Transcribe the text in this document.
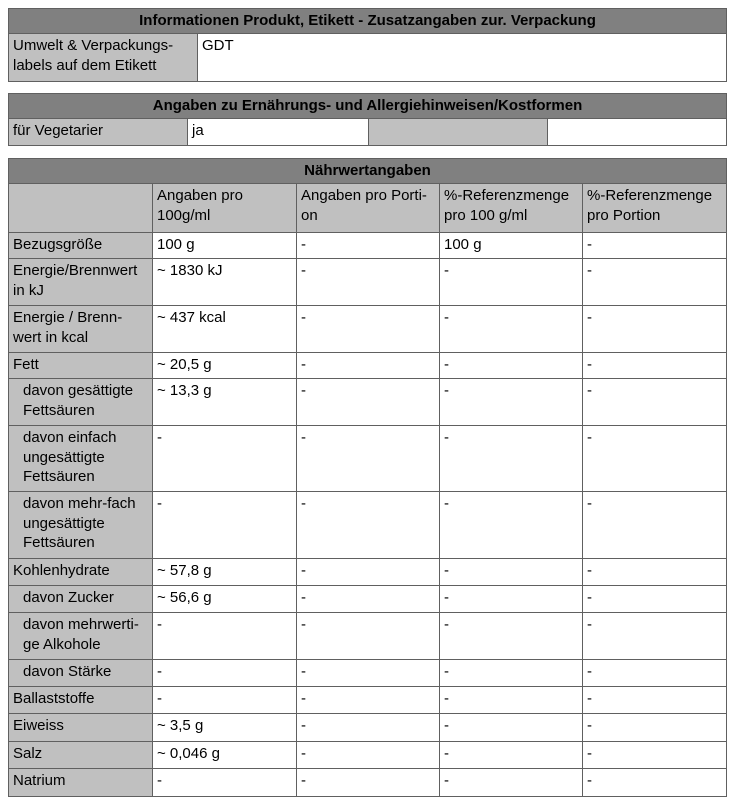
Informationen Produkt, Etikett - Zusatzangaben zur. Verpackung
Umwelt & Verpackungs-labels auf dem Etikett	GDT
Angaben zu Ernährungs- und Allergiehinweisen/Kostformen
für Vegetarier	ja		
Nährwertangaben				
	Angaben pro 100g/ml	Angaben pro Porti-on	%-Referenzmenge pro 100 g/ml	%-Referenzmenge pro Portion
Bezugsgröße	100 g	-	100 g	-
Energie/Brennwert in kJ	~ 1830 kJ	-	-	-
Energie / Brenn-wert in kcal	~ 437 kcal	-	-	-
Fett	~ 20,5 g	-	-	-
davon gesättigte Fettsäuren	~ 13,3 g	-	-	-
davon einfach ungesättigte Fettsäuren	-	-	-	-
davon mehr-fach ungesättigte Fettsäuren	-	-	-	-
Kohlenhydrate	~ 57,8 g	-	-	-
davon Zucker	~ 56,6 g	-	-	-
davon mehrwerti-ge Alkohole	-	-	-	-
davon Stärke	-	-	-	-
Ballaststoffe	-	-	-	-
Eiweiss	~ 3,5 g	-	-	-
Salz	~ 0,046 g	-	-	-
Natrium	-	-	-	-
